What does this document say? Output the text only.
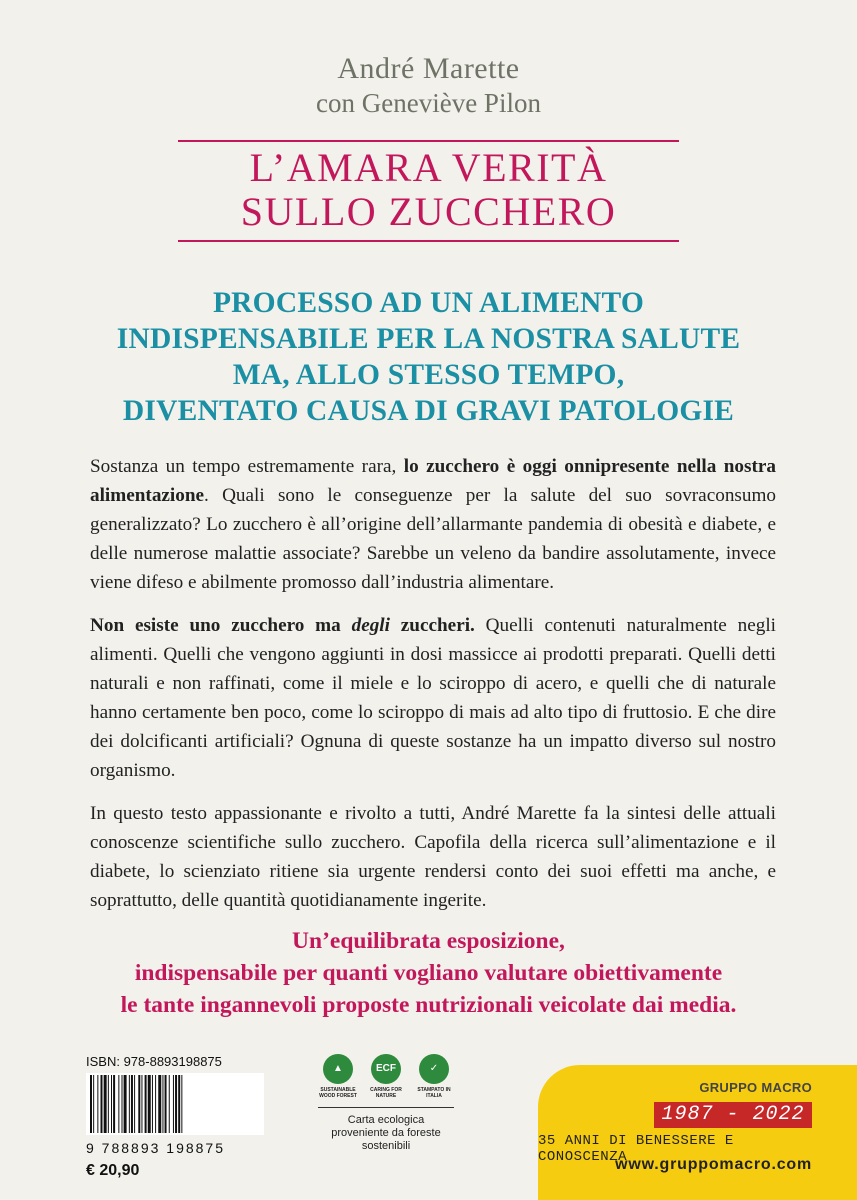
André Marette
con Geneviève Pilon
L’AMARA VERITÀ
SULLO ZUCCHERO
PROCESSO AD UN ALIMENTO
INDISPENSABILE PER LA NOSTRA SALUTE
MA, ALLO STESSO TEMPO,
DIVENTATO CAUSA DI GRAVI PATOLOGIE

Sostanza un tempo estremamente rara, lo zucchero è oggi onnipresente nella nostra alimentazione. Quali sono le conseguenze per la salute del suo sovraconsumo generalizzato? Lo zucchero è all’origine dell’allarmante pandemia di obesità e diabete, e delle numerose malattie associate? Sarebbe un veleno da bandire assolutamente, invece viene difeso e abilmente promosso dall’industria alimentare.

Non esiste uno zucchero ma degli zuccheri. Quelli contenuti naturalmente negli alimenti. Quelli che vengono aggiunti in dosi massicce ai prodotti preparati. Quelli detti naturali e non raffinati, come il miele e lo sciroppo di acero, e quelli che di naturale hanno certamente ben poco, come lo sciroppo di mais ad alto tipo di fruttosio. E che dire dei dolcificanti artificiali? Ognuna di queste sostanze ha un impatto diverso sul nostro organismo.

In questo testo appassionante e rivolto a tutti, André Marette fa la sintesi delle attuali conoscenze scientifiche sullo zucchero. Capofila della ricerca sull’alimentazione e il diabete, lo scienziato ritiene sia urgente rendersi conto dei suoi effetti ma anche, e soprattutto, delle quantità quotidianamente ingerite.

Un’equilibrata esposizione,
indispensabile per quanti vogliano valutare obiettivamente
le tante ingannevoli proposte nutrizionali veicolate dai media.
ISBN: 978-8893198875
9 788893 198875
€ 20,90
▲
SUSTAINABLE WOOD FOREST
ECF
CARING FOR NATURE
✓
STAMPATO IN ITALIA
Carta ecologica proveniente da foreste sostenibili
GRUPPO MACRO
1987 - 2022
35 ANNI DI BENESSERE E CONOSCENZA
www.gruppomacro.com
